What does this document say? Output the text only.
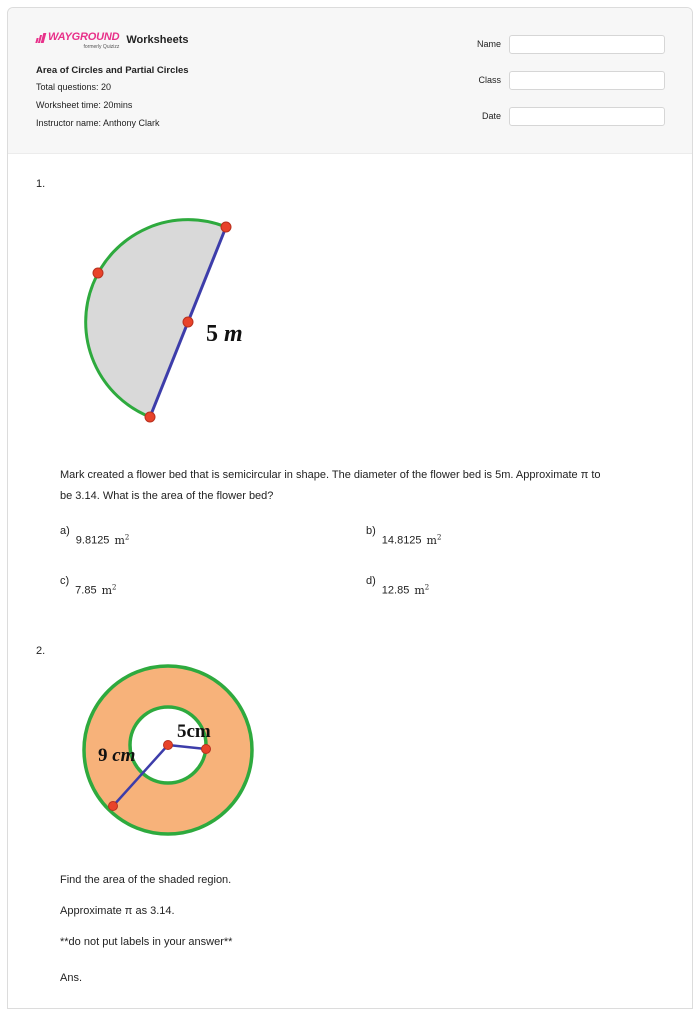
WAYGROUND
formerly Quizizz
Worksheets
Area of Circles and Partial Circles
Total questions: 20
Worksheet time: 20mins
Instructor name: Anthony Clark
Name
Class
Date
1.
5 m
Mark created a flower bed that is semicircular in shape. The diameter of the flower bed is 5m. Approximate π to
be 3.14. What is the area of the flower bed?
a)
9.8125 $m^2$	b)
14.8125 $m^2$
c)
7.85 $m^2$	d)
12.85 $m^2$
2.
5cm
9 cm
Find the area of the shaded region.
Approximate π as 3.14.
**do not put labels in your answer**
Ans.
